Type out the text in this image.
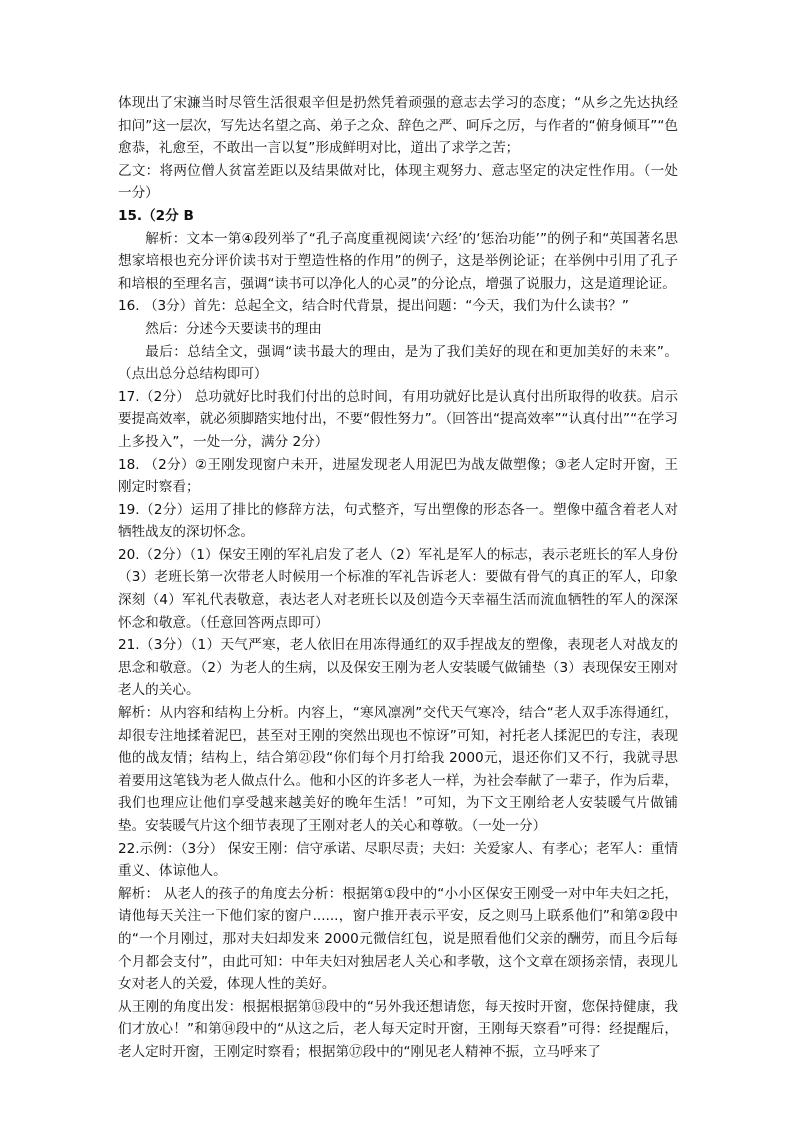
体现出了宋濂当时尽管生活很艰辛但是扔然凭着顽强的意志去学习的态度；“从乡之先达执经扣问”这一层次，写先达名望之高、弟子之众、辞色之严、呵斥之厉，与作者的“俯身倾耳”“色愈恭，礼愈至，不敢出一言以复”形成鲜明对比，道出了求学之苦；

乙文：将两位僧人贫富差距以及结果做对比，体现主观努力、意志坚定的决定性作用。（一处一分）

15.（2分 B

解析：文本一第④段列举了“孔子高度重视阅读‘六经’的‘惩治功能’”的例子和“英国著名思想家培根也充分评价读书对于塑造性格的作用”的例子，这是举例论证；在举例中引用了孔子和培根的至理名言，强调“读书可以净化人的心灵”的分论点，增强了说服力，这是道理论证。

16. （3分）首先：总起全文，结合时代背景，提出问题：“今天，我们为什么读书？”

然后：分述今天要读书的理由

最后：总结全文，强调“读书最大的理由，是为了我们美好的现在和更加美好的未来”。（点出总分总结构即可）

17.（2分） 总功就好比时我们付出的总时间，有用功就好比是认真付出所取得的收获。启示要提高效率，就必须脚踏实地付出，不要“假性努力”。（回答出“提高效率”“认真付出”“在学习上多投入”，一处一分，满分 2分）

18. （2分）②王刚发现窗户未开，进屋发现老人用泥巴为战友做塑像；③老人定时开窗，王刚定时察看；

19.（2分）运用了排比的修辞方法，句式整齐，写出塑像的形态各一。塑像中蕴含着老人对牺牲战友的深切怀念。

20.（2分）（1）保安王刚的军礼启发了老人（2）军礼是军人的标志，表示老班长的军人身份（3）老班长第一次带老人时候用一个标准的军礼告诉老人：要做有骨气的真正的军人，印象深刻（4）军礼代表敬意，表达老人对老班长以及创造今天幸福生活而流血牺牲的军人的深深怀念和敬意。（任意回答两点即可）

21.（3分）（1）天气严寒，老人依旧在用冻得通红的双手捏战友的塑像，表现老人对战友的思念和敬意。（2）为老人的生病，以及保安王刚为老人安装暖气做铺垫（3）表现保安王刚对老人的关心。

解析：从内容和结构上分析。内容上，“寒风凛冽”交代天气寒冷，结合“老人双手冻得通红，却很专注地揉着泥巴，甚至对王刚的突然出现也不惊讶”可知，衬托老人揉泥巴的专注，表现他的战友情；结构上，结合第㉑段“你们每个月打给我 2000元，退还你们又不行，我就寻思着要用这笔钱为老人做点什么。他和小区的许多老人一样，为社会奉献了一辈子，作为后辈，我们也理应让他们享受越来越美好的晚年生活！”可知，为下文王刚给老人安装暖气片做铺垫。安装暖气片这个细节表现了王刚对老人的关心和尊敬。（一处一分）

22.示例：（3分） 保安王刚：信守承诺、尽职尽责；夫妇：关爱家人、有孝心；老军人：重情重义、体谅他人。

解析： 从老人的孩子的角度去分析：根据第①段中的“小小区保安王刚受一对中年夫妇之托，请他每天关注一下他们家的窗户......，窗户推开表示平安，反之则马上联系他们”和第②段中的“一个月刚过，那对夫妇却发来 2000元微信红包，说是照看他们父亲的酬劳，而且今后每个月都会支付”，由此可知：中年夫妇对独居老人关心和孝敬，这个文章在颂扬亲情，表现儿女对老人的关爱，体现人性的美好。

从王刚的角度出发：根据根据第⑬段中的“另外我还想请您，每天按时开窗，您保持健康，我们才放心！”和第⑭段中的“从这之后，老人每天定时开窗，王刚每天察看”可得：经提醒后，老人定时开窗，王刚定时察看；根据第⑰段中的“刚见老人精神不振，立马呼来了
